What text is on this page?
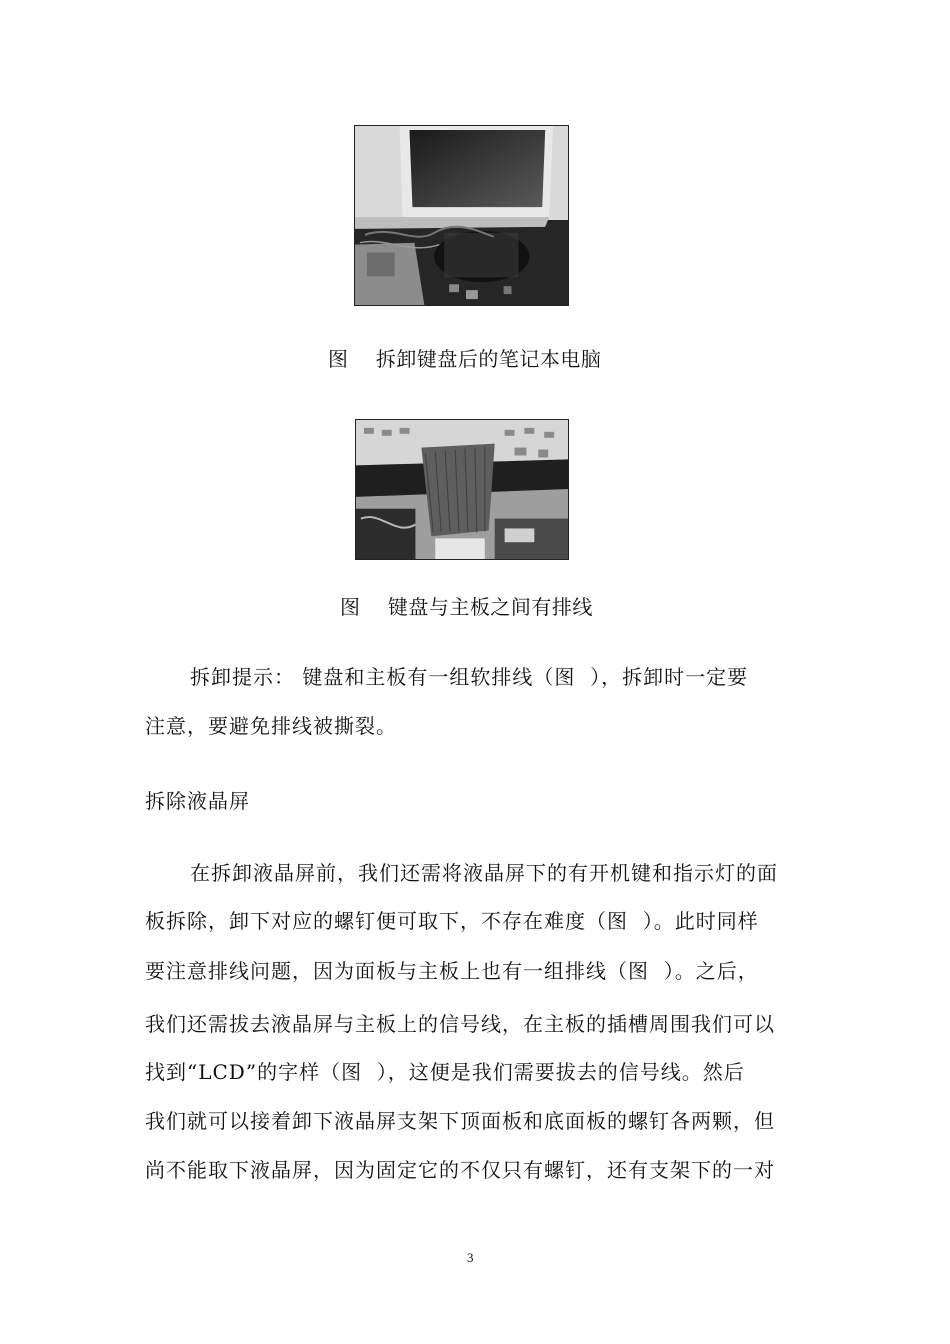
图    拆卸键盘后的笔记本电脑
图    键盘与主板之间有排线
拆卸提示： 键盘和主板有一组软排线（图  ），拆卸时一定要
注意，要避免排线被撕裂。
拆除液晶屏
在拆卸液晶屏前，我们还需将液晶屏下的有开机键和指示灯的面
板拆除，卸下对应的螺钉便可取下，不存在难度（图  ）。此时同样
要注意排线问题，因为面板与主板上也有一组排线（图  ）。之后，
我们还需拔去液晶屏与主板上的信号线，在主板的插槽周围我们可以
找到“LCD”的字样（图  ），这便是我们需要拔去的信号线。然后
我们就可以接着卸下液晶屏支架下顶面板和底面板的螺钉各两颗，但
尚不能取下液晶屏，因为固定它的不仅只有螺钉，还有支架下的一对
3
